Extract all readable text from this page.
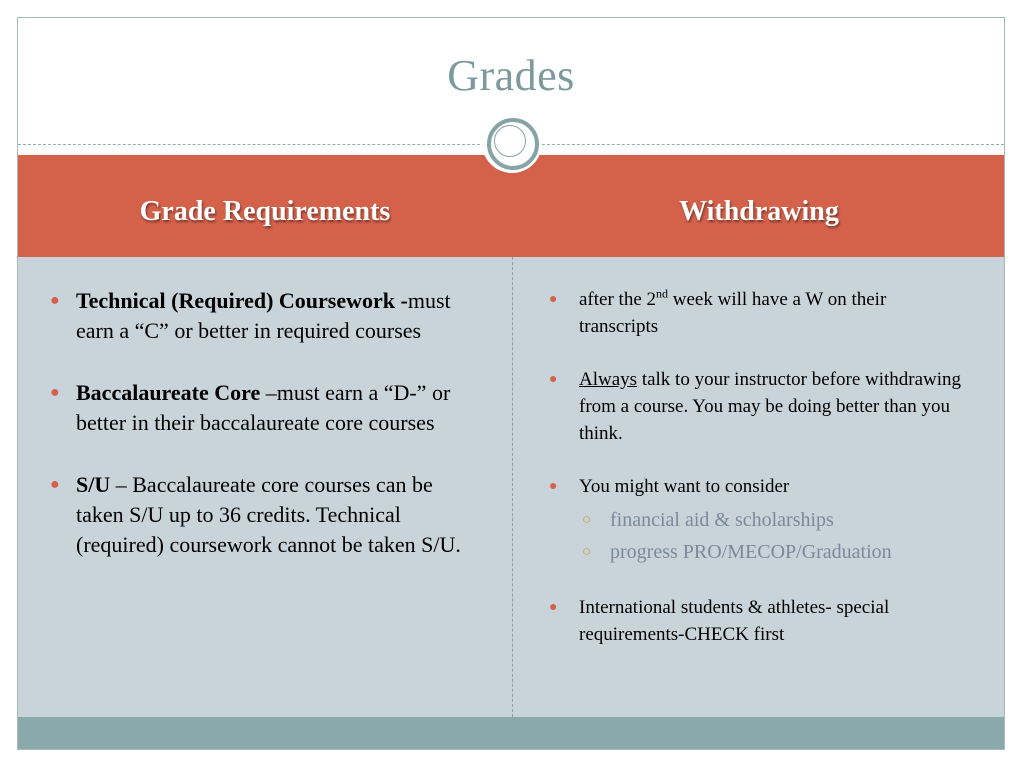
Grades
Grade Requirements	Withdrawing
● Technical (Required) Coursework -must earn a “C” or better in required courses
● Baccalaureate Core –must earn a “D-” or better in their baccalaureate core courses
● S/U – Baccalaureate core courses can be taken S/U up to 36 credits. Technical (required) coursework cannot be taken S/U.
● after the 2nd week will have a W on their transcripts
● Always talk to your instructor before withdrawing from a course. You may be doing better than you think.
● You might want to consider
○ financial aid & scholarships
○ progress PRO/MECOP/Graduation
● International students & athletes- special requirements-CHECK first
